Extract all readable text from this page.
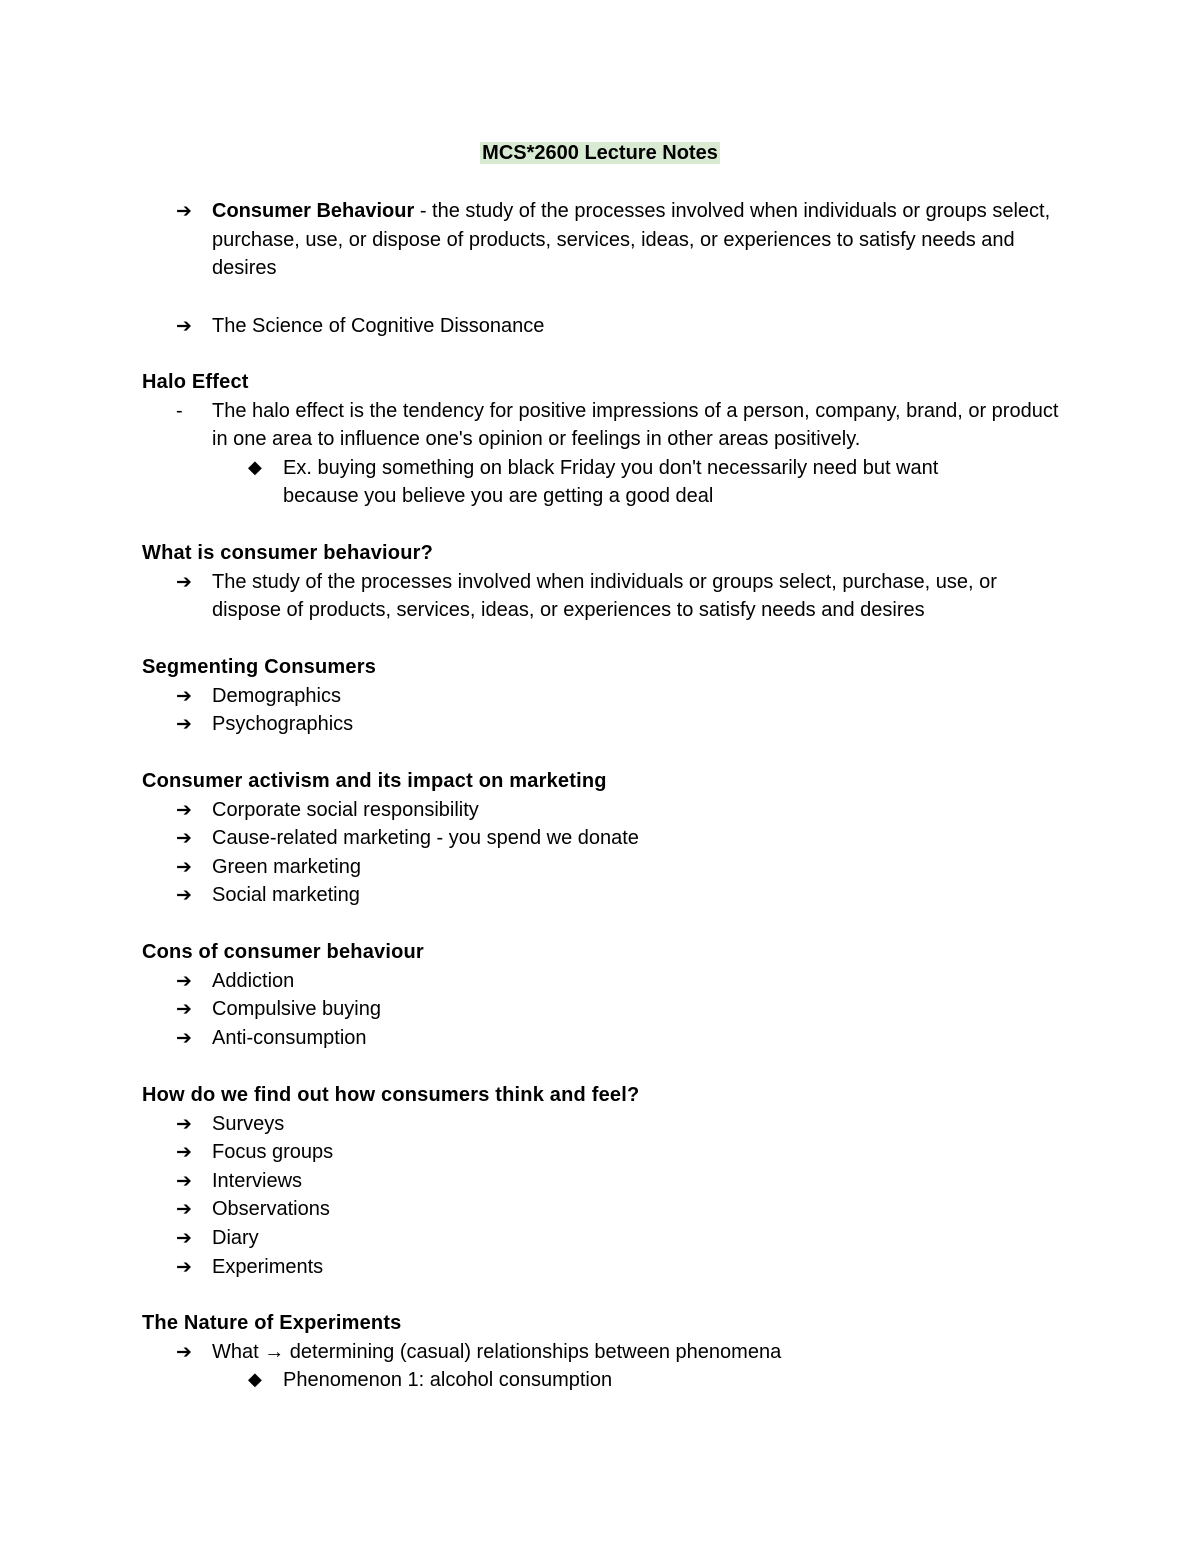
MCS*2600 Lecture Notes
➔ Consumer Behaviour - the study of the processes involved when individuals or groups select, purchase, use, or dispose of products, services, ideas, or experiences to satisfy needs and desires
➔ The Science of Cognitive Dissonance
Halo Effect
- The halo effect is the tendency for positive impressions of a person, company, brand, or product in one area to influence one's opinion or feelings in other areas positively.
◆ Ex. buying something on black Friday you don't necessarily need but want because you believe you are getting a good deal
What is consumer behaviour?
➔ The study of the processes involved when individuals or groups select, purchase, use, or dispose of products, services, ideas, or experiences to satisfy needs and desires
Segmenting Consumers
➔ Demographics
➔ Psychographics
Consumer activism and its impact on marketing
➔ Corporate social responsibility
➔ Cause-related marketing - you spend we donate
➔ Green marketing
➔ Social marketing
Cons of consumer behaviour
➔ Addiction
➔ Compulsive buying
➔ Anti-consumption
How do we find out how consumers think and feel?
➔ Surveys
➔ Focus groups
➔ Interviews
➔ Observations
➔ Diary
➔ Experiments
The Nature of Experiments
➔ What → determining (casual) relationships between phenomena
◆ Phenomenon 1: alcohol consumption
